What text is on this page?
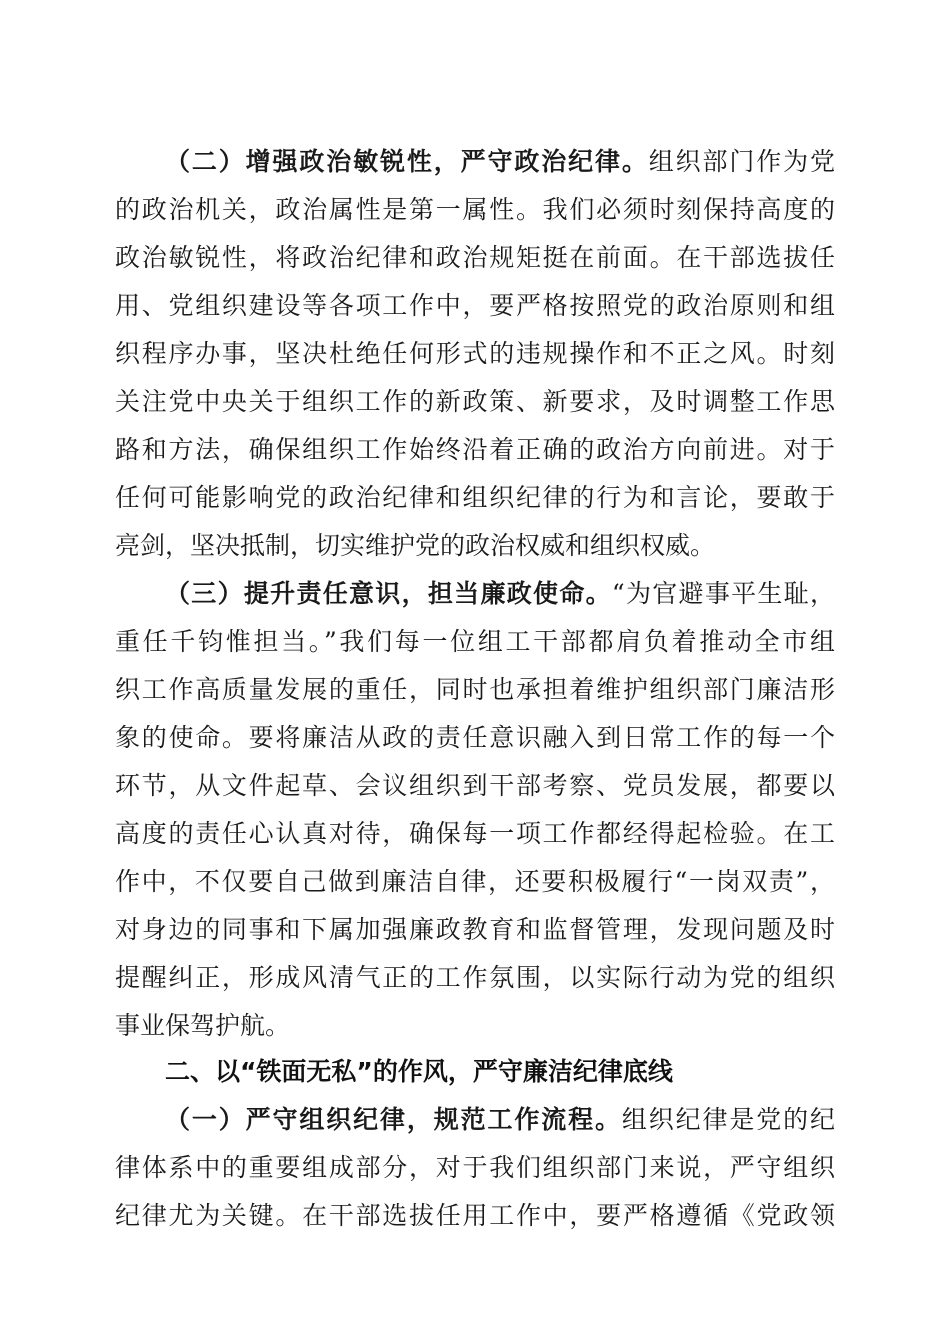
（二）增强政治敏锐性，严守政治纪律。组织部门作为党
的政治机关，政治属性是第一属性。我们必须时刻保持高度的
政治敏锐性，将政治纪律和政治规矩挺在前面。在干部选拔任
用、党组织建设等各项工作中，要严格按照党的政治原则和组
织程序办事，坚决杜绝任何形式的违规操作和不正之风。时刻
关注党中央关于组织工作的新政策、新要求，及时调整工作思
路和方法，确保组织工作始终沿着正确的政治方向前进。对于
任何可能影响党的政治纪律和组织纪律的行为和言论，要敢于
亮剑，坚决抵制，切实维护党的政治权威和组织权威。
（三）提升责任意识，担当廉政使命。“为官避事平生耻，
重任千钧惟担当。”我们每一位组工干部都肩负着推动全市组
织工作高质量发展的重任，同时也承担着维护组织部门廉洁形
象的使命。要将廉洁从政的责任意识融入到日常工作的每一个
环节，从文件起草、会议组织到干部考察、党员发展，都要以
高度的责任心认真对待，确保每一项工作都经得起检验。在工
作中，不仅要自己做到廉洁自律，还要积极履行“一岗双责”，
对身边的同事和下属加强廉政教育和监督管理，发现问题及时
提醒纠正，形成风清气正的工作氛围，以实际行动为党的组织
事业保驾护航。
二、以“铁面无私”的作风，严守廉洁纪律底线
（一）严守组织纪律，规范工作流程。组织纪律是党的纪
律体系中的重要组成部分，对于我们组织部门来说，严守组织
纪律尤为关键。在干部选拔任用工作中，要严格遵循《党政领
